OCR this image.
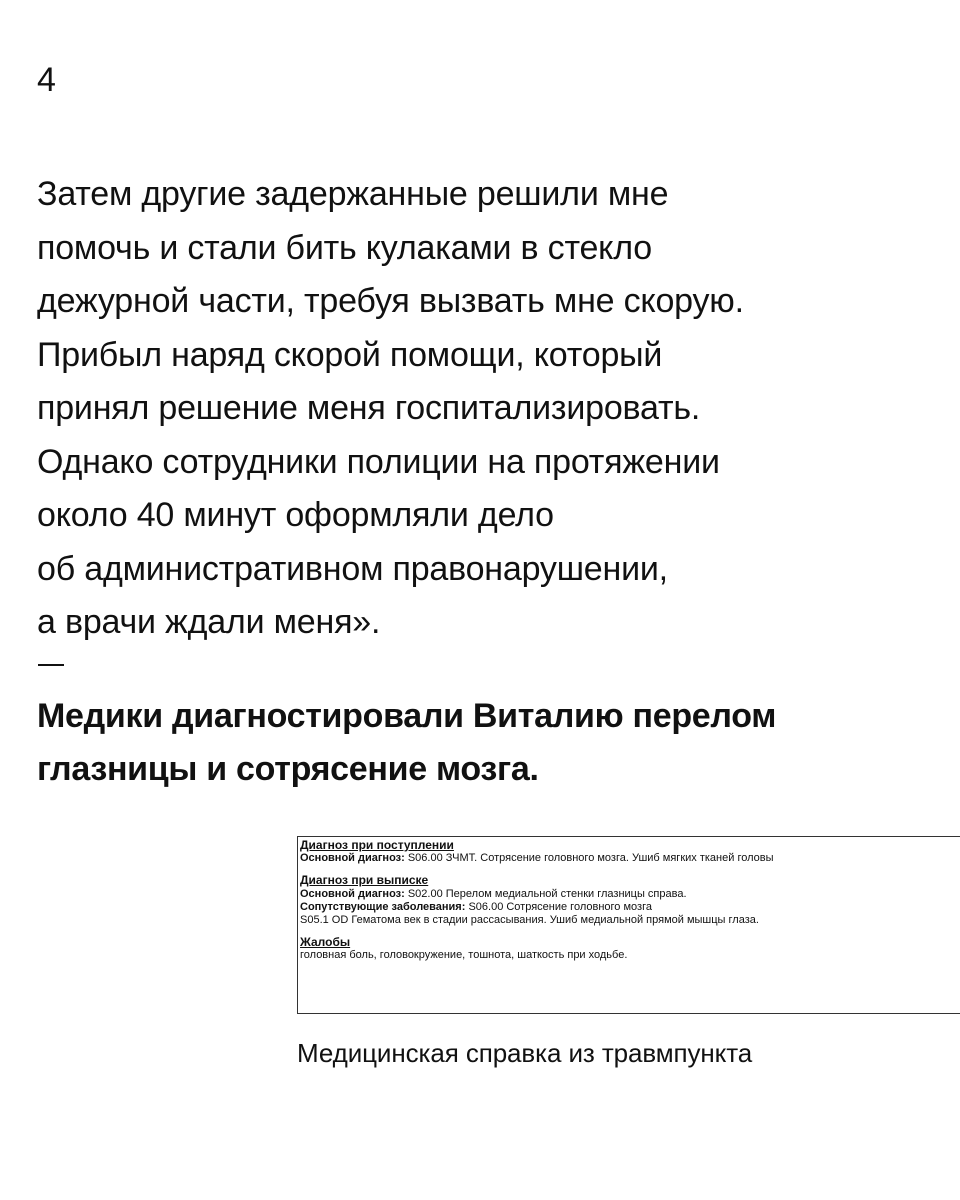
4
Затем другие задержанные решили мне
помочь и стали бить кулаками в стекло
дежурной части, требуя вызвать мне скорую.
Прибыл наряд скорой помощи, который
принял решение меня госпитализировать.
Однако сотрудники полиции на протяжении
около 40 минут оформляли дело
об административном правонарушении,
а врачи ждали меня».
Медики диагностировали Виталию перелом
глазницы и сотрясение мозга.
Диагноз при поступлении
Основной диагноз: S06.00 ЗЧМТ. Сотрясение головного мозга. Ушиб мягких тканей головы
Диагноз при выписке
Основной диагноз: S02.00 Перелом медиальной стенки глазницы справа.
Сопутствующие заболевания: S06.00 Сотрясение головного мозга
S05.1 OD Гематома век в стадии рассасывания. Ушиб медиальной прямой мышцы глаза.
Жалобы
головная боль, головокружение, тошнота, шаткость при ходьбе.
Медицинская справка из травмпункта
